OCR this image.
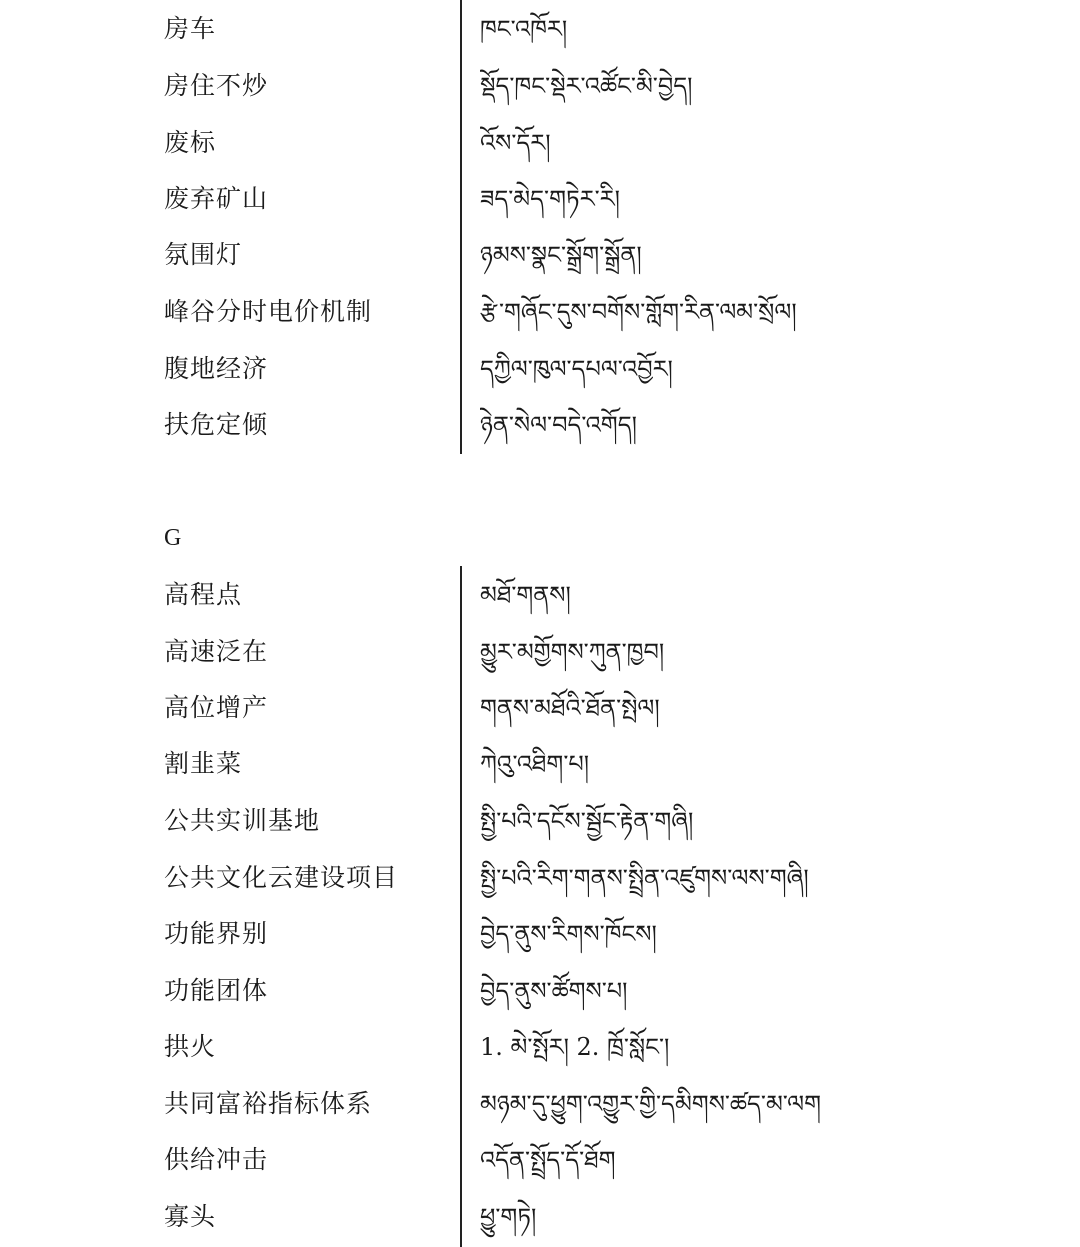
房车	ཁང་འཁོར།
房住不炒	སྡོད་ཁང་སྡེར་འཚོང་མི་བྱེད།
废标	འོས་དོར།
废弃矿山	ཟད་མེད་གཏེར་རི།
氛围灯	ཉམས་སྣང་སྒྲོག་སྒྲོན།
峰谷分时电价机制	རྩེ་གཞོང་དུས་བགོས་གློག་རིན་ལམ་སྲོལ།
腹地经济	དཀྱིལ་ཁུལ་དཔལ་འབྱོར།
扶危定倾	ཉེན་སེལ་བདེ་འགོད།
G
高程点	མཐོ་གནས།
高速泛在	མྱུར་མགྱོགས་ཀུན་ཁྱབ།
高位增产	གནས་མཐོའི་ཐོན་སྤེལ།
割韭菜	ཀེའུ་འཐིག་པ།
公共实训基地	སྤྱི་པའི་དངོས་སྦྱོང་རྟེན་གཞི།
公共文化云建设项目	སྤྱི་པའི་རིག་གནས་སྤྲིན་འཛུགས་ལས་གཞི།
功能界别	བྱེད་ནུས་རིགས་ཁོངས།
功能团体	བྱེད་ནུས་ཚོགས་པ།
拱火	1. མེ་སྤོར། 2. ཁྲོ་སློང་།
共同富裕指标体系	མཉམ་དུ་ཕྱུག་འགྱུར་གྱི་དམིགས་ཚད་མ་ལག
供给冲击	འདོན་སྤྲོད་དོ་ཐོག
寡头	ཕྱུ་གཏེ།
